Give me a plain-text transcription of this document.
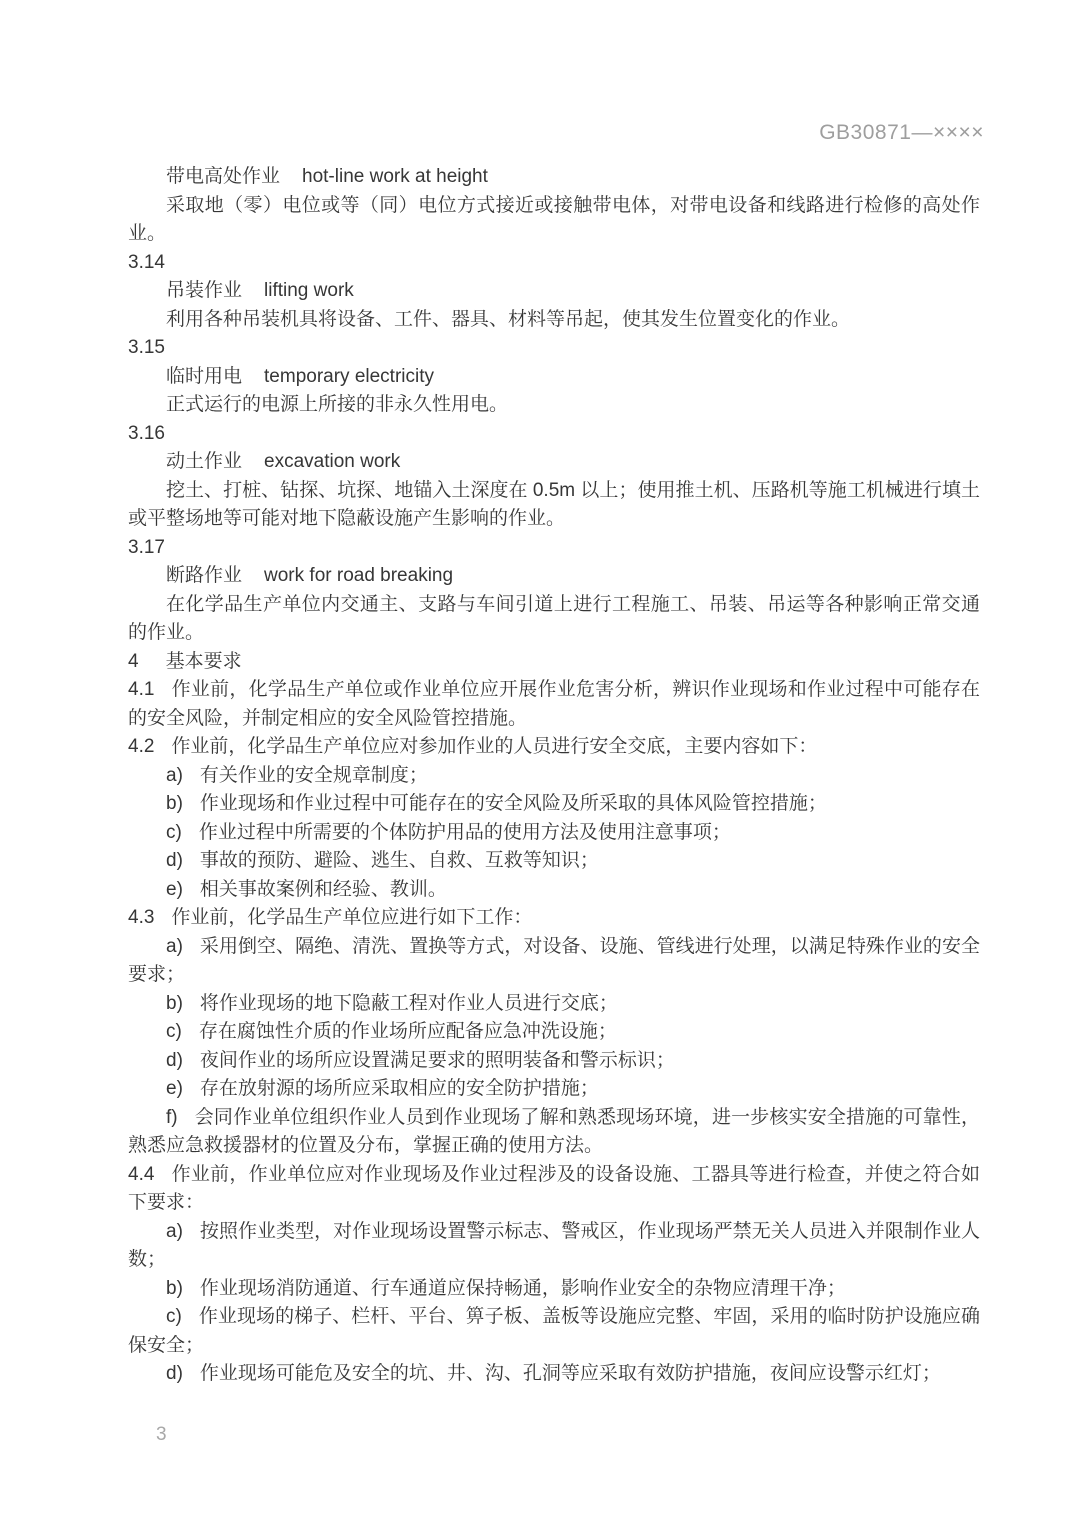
GB30871—××××

带电高处作业 hot-line work at height

采取地（零）电位或等（同）电位方式接近或接触带电体，对带电设备和线路进行检修的高处作业。

3.14

吊装作业 lifting work

利用各种吊装机具将设备、工件、器具、材料等吊起，使其发生位置变化的作业。

3.15

临时用电 temporary electricity

正式运行的电源上所接的非永久性用电。

3.16

动土作业 excavation work

挖土、打桩、钻探、坑探、地锚入土深度在 0.5m 以上；使用推土机、压路机等施工机械进行填土或平整场地等可能对地下隐蔽设施产生影响的作业。

3.17

断路作业 work for road breaking

在化学品生产单位内交通主、支路与车间引道上进行工程施工、吊装、吊运等各种影响正常交通的作业。

4 基本要求

4.1 作业前，化学品生产单位或作业单位应开展作业危害分析，辨识作业现场和作业过程中可能存在的安全风险，并制定相应的安全风险管控措施。

4.2 作业前，化学品生产单位应对参加作业的人员进行安全交底，主要内容如下：

a) 有关作业的安全规章制度；

b) 作业现场和作业过程中可能存在的安全风险及所采取的具体风险管控措施；

c) 作业过程中所需要的个体防护用品的使用方法及使用注意事项；

d) 事故的预防、避险、逃生、自救、互救等知识；

e) 相关事故案例和经验、教训。

4.3 作业前，化学品生产单位应进行如下工作：

a) 采用倒空、隔绝、清洗、置换等方式，对设备、设施、管线进行处理，以满足特殊作业的安全要求；

b) 将作业现场的地下隐蔽工程对作业人员进行交底；

c) 存在腐蚀性介质的作业场所应配备应急冲洗设施；

d) 夜间作业的场所应设置满足要求的照明装备和警示标识；

e) 存在放射源的场所应采取相应的安全防护措施；

f) 会同作业单位组织作业人员到作业现场了解和熟悉现场环境，进一步核实安全措施的可靠性，熟悉应急救援器材的位置及分布，掌握正确的使用方法。

4.4 作业前，作业单位应对作业现场及作业过程涉及的设备设施、工器具等进行检查，并使之符合如下要求：

a) 按照作业类型，对作业现场设置警示标志、警戒区，作业现场严禁无关人员进入并限制作业人数；

b) 作业现场消防通道、行车通道应保持畅通，影响作业安全的杂物应清理干净；

c) 作业现场的梯子、栏杆、平台、箅子板、盖板等设施应完整、牢固，采用的临时防护设施应确保安全；

d) 作业现场可能危及安全的坑、井、沟、孔洞等应采取有效防护措施，夜间应设警示红灯；

3
